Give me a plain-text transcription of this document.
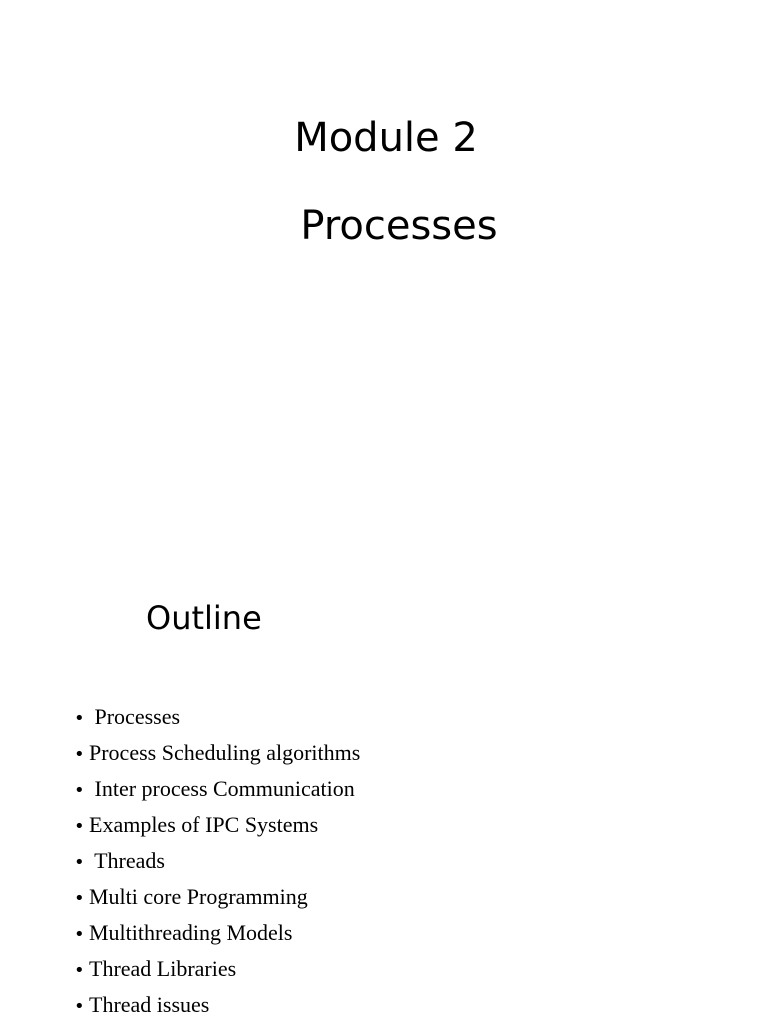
Module 2
Processes
Outline
• Processes
• Process Scheduling algorithms
• Inter process Communication
• Examples of IPC Systems
• Threads
• Multi core Programming
• Multithreading Models
• Thread Libraries
• Thread issues
